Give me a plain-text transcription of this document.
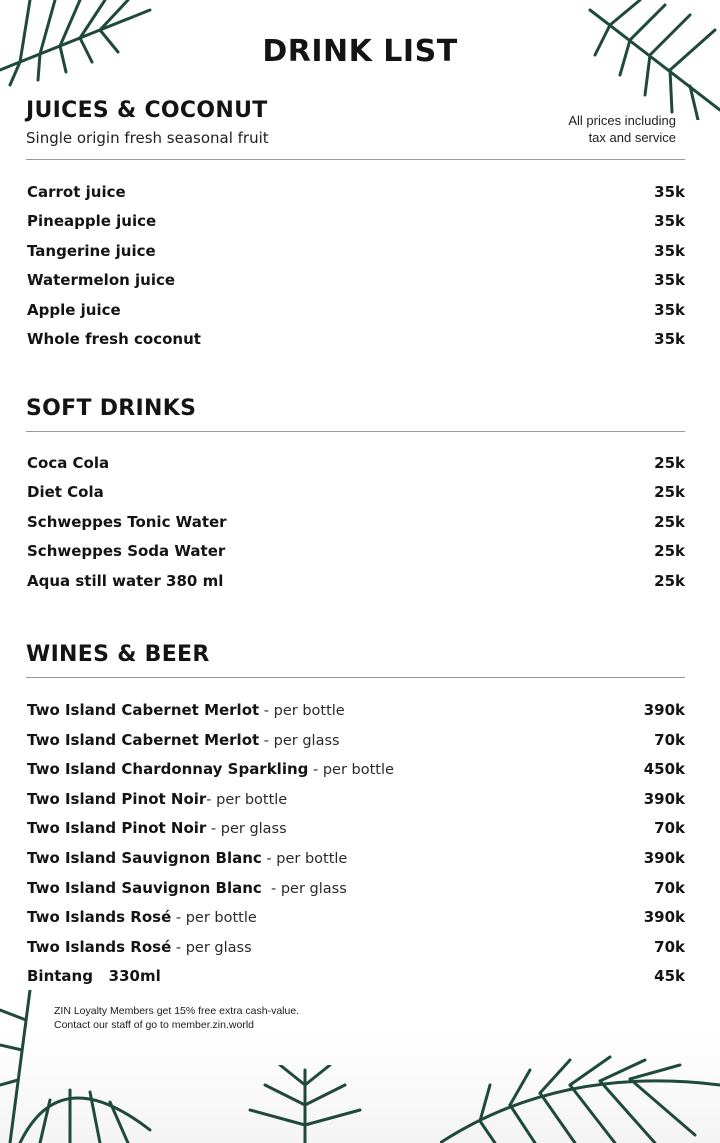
DRINK LIST
JUICES & COCONUT
Single origin fresh seasonal fruit
All prices including
tax and service
Carrot juice	35k
Pineapple juice	35k
Tangerine juice	35k
Watermelon juice	35k
Apple juice	35k
Whole fresh coconut	35k
SOFT DRINKS
Coca Cola	25k
Diet Cola	25k
Schweppes Tonic Water	25k
Schweppes Soda Water	25k
Aqua still water 380 ml	25k
WINES & BEER
Two Island Cabernet Merlot - per bottle	390k
Two Island Cabernet Merlot - per glass	70k
Two Island Chardonnay Sparkling - per bottle	450k
Two Island Pinot Noir- per bottle	390k
Two Island Pinot Noir - per glass	70k
Two Island Sauvignon Blanc - per bottle	390k
Two Island Sauvignon Blanc  - per glass	70k
Two Islands Rosé - per bottle	390k
Two Islands Rosé - per glass	70k
Bintang   330ml	45k
ZIN Loyalty Members get 15% free extra cash-value.
Contact our staff of go to member.zin.world
